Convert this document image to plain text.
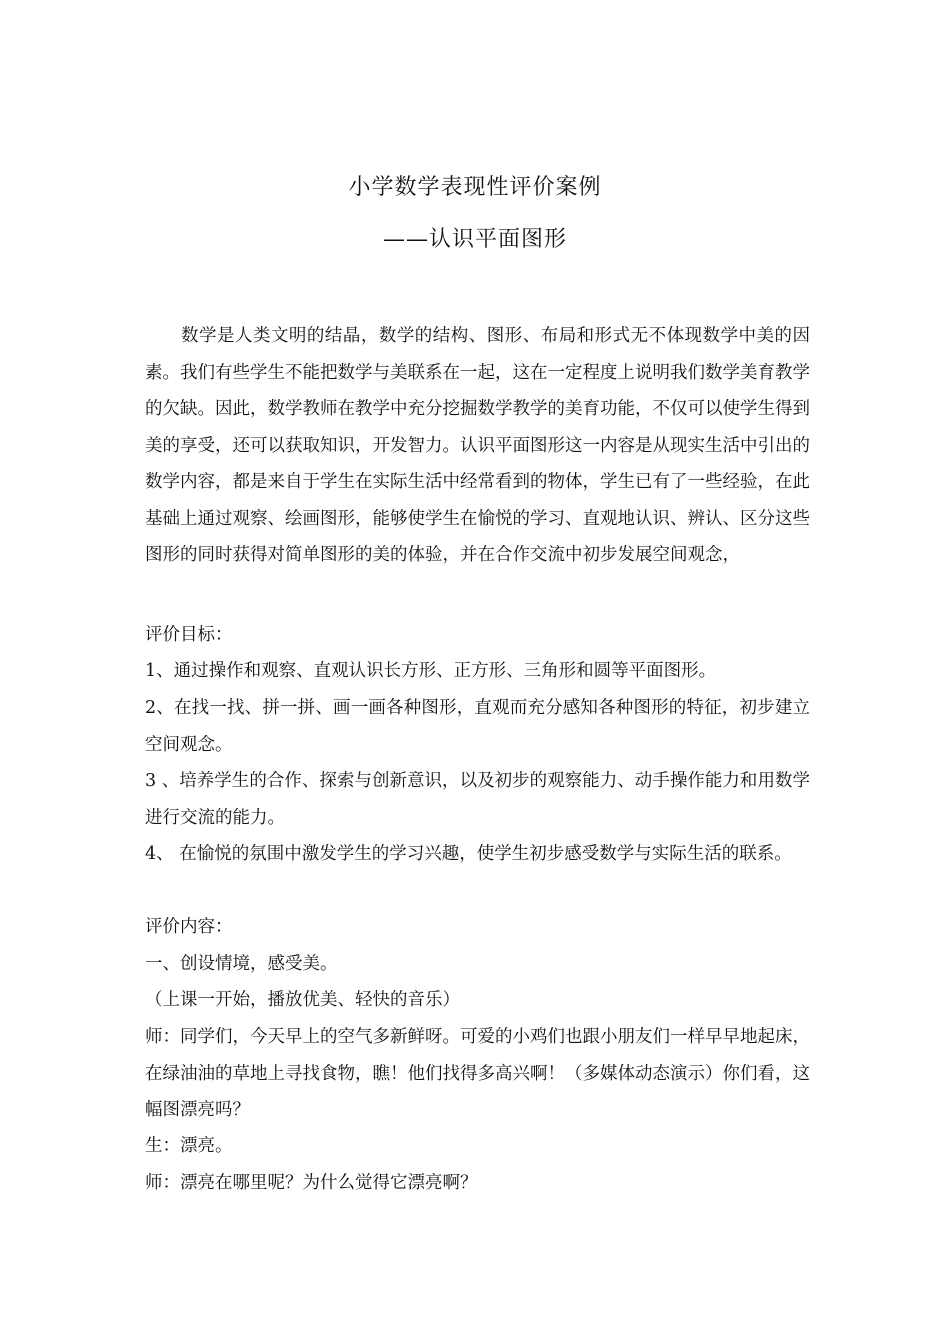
小学数学表现性评价案例
——认识平面图形
数学是人类文明的结晶，数学的结构、图形、布局和形式无不体现数学中美的因素。我们有些学生不能把数学与美联系在一起，这在一定程度上说明我们数学美育教学的欠缺。因此，数学教师在教学中充分挖掘数学教学的美育功能，不仅可以使学生得到美的享受，还可以获取知识，开发智力。认识平面图形这一内容是从现实生活中引出的数学内容，都是来自于学生在实际生活中经常看到的物体，学生已有了一些经验，在此基础上通过观察、绘画图形，能够使学生在愉悦的学习、直观地认识、辨认、区分这些图形的同时获得对简单图形的美的体验，并在合作交流中初步发展空间观念，
评价目标：
1、通过操作和观察、直观认识长方形、正方形、三角形和圆等平面图形。
2、在找一找、拼一拼、画一画各种图形，直观而充分感知各种图形的特征，初步建立空间观念。
3 、培养学生的合作、探索与创新意识，以及初步的观察能力、动手操作能力和用数学进行交流的能力。
4、 在愉悦的氛围中激发学生的学习兴趣，使学生初步感受数学与实际生活的联系。
评价内容：
一、创设情境，感受美。
（上课一开始，播放优美、轻快的音乐）
师：同学们，今天早上的空气多新鲜呀。可爱的小鸡们也跟小朋友们一样早早地起床，在绿油油的草地上寻找食物，瞧！他们找得多高兴啊！（多媒体动态演示）你们看，这幅图漂亮吗？
生：漂亮。
师：漂亮在哪里呢？为什么觉得它漂亮啊？
